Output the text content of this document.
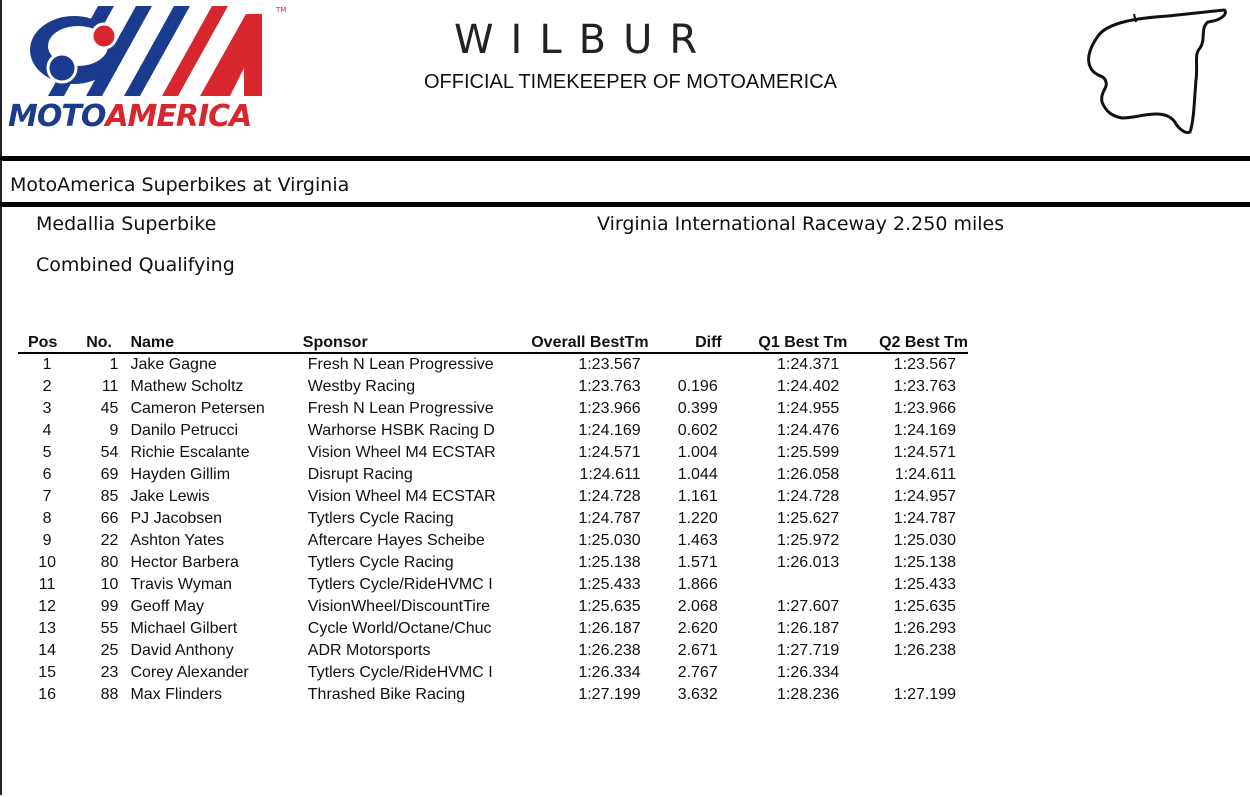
MOTOAMERICA
TM
WILBUR
OFFICIAL TIMEKEEPER OF MOTOAMERICA
MotoAmerica Superbikes at Virginia
Medallia Superbike	Virginia International Raceway 2.250 miles
Combined Qualifying
Pos	No.	Name	Sponsor	Overall BestTm	Diff	Q1 Best Tm	Q2 Best Tm
1	1	Jake Gagne	Fresh N Lean Progressive	1:23.567		1:24.371	1:23.567
2	11	Mathew Scholtz	Westby Racing	1:23.763	0.196	1:24.402	1:23.763
3	45	Cameron Petersen	Fresh N Lean Progressive	1:23.966	0.399	1:24.955	1:23.966
4	9	Danilo Petrucci	Warhorse HSBK Racing D	1:24.169	0.602	1:24.476	1:24.169
5	54	Richie Escalante	Vision Wheel M4 ECSTAR	1:24.571	1.004	1:25.599	1:24.571
6	69	Hayden Gillim	Disrupt Racing	1:24.611	1.044	1:26.058	1:24.611
7	85	Jake Lewis	Vision Wheel M4 ECSTAR	1:24.728	1.161	1:24.728	1:24.957
8	66	PJ Jacobsen	Tytlers Cycle Racing	1:24.787	1.220	1:25.627	1:24.787
9	22	Ashton Yates	Aftercare Hayes Scheibe	1:25.030	1.463	1:25.972	1:25.030
10	80	Hector Barbera	Tytlers Cycle Racing	1:25.138	1.571	1:26.013	1:25.138
11	10	Travis Wyman	Tytlers Cycle/RideHVMC I	1:25.433	1.866		1:25.433
12	99	Geoff May	VisionWheel/DiscountTire	1:25.635	2.068	1:27.607	1:25.635
13	55	Michael Gilbert	Cycle World/Octane/Chuc	1:26.187	2.620	1:26.187	1:26.293
14	25	David Anthony	ADR Motorsports	1:26.238	2.671	1:27.719	1:26.238
15	23	Corey Alexander	Tytlers Cycle/RideHVMC I	1:26.334	2.767	1:26.334	
16	88	Max Flinders	Thrashed Bike Racing	1:27.199	3.632	1:28.236	1:27.199
